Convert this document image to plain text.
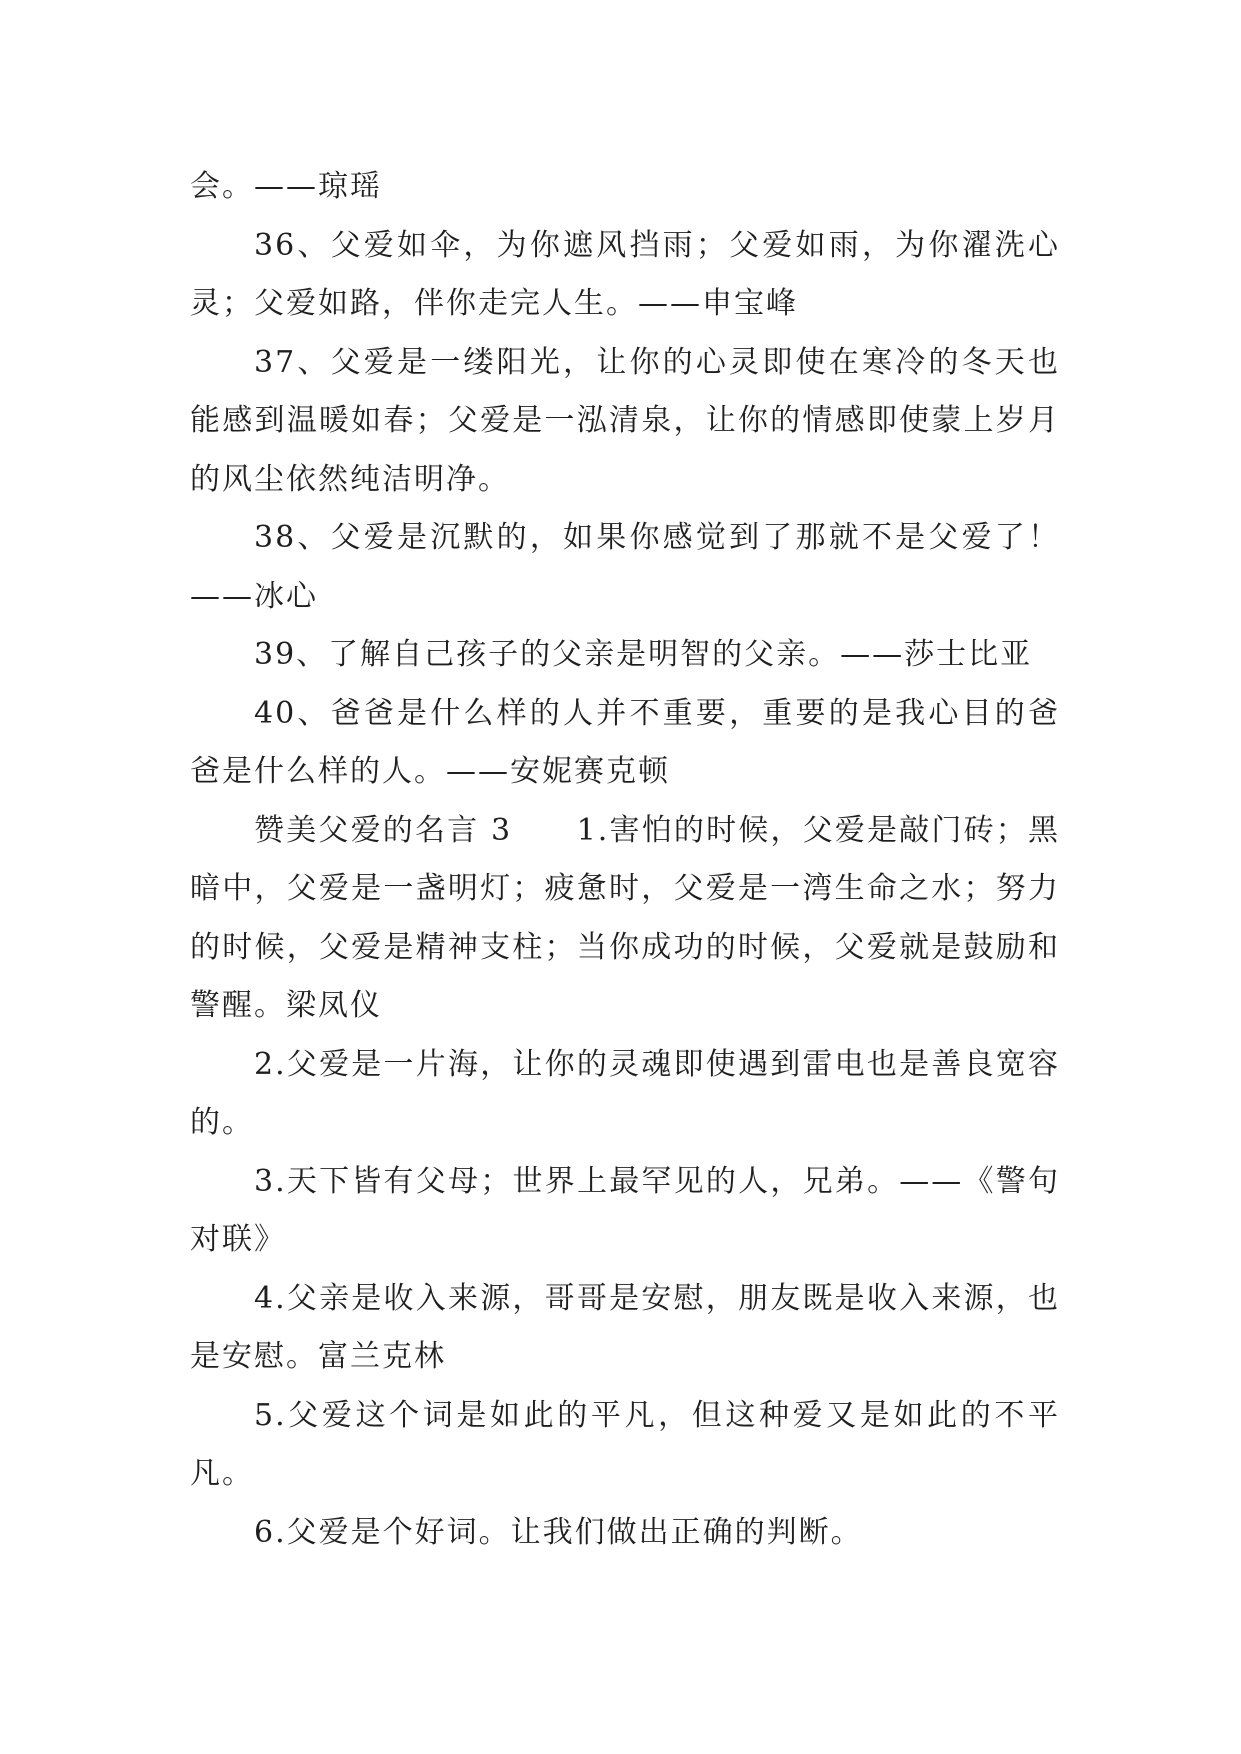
会。——琼瑶

36、父爱如伞，为你遮风挡雨；父爱如雨，为你濯洗心灵；父爱如路，伴你走完人生。——申宝峰

37、父爱是一缕阳光，让你的心灵即使在寒冷的冬天也能感到温暖如春；父爱是一泓清泉，让你的情感即使蒙上岁月的风尘依然纯洁明净。

38、父爱是沉默的，如果你感觉到了那就不是父爱了！——冰心

39、了解自己孩子的父亲是明智的父亲。——莎士比亚

40、爸爸是什么样的人并不重要，重要的是我心目的爸爸是什么样的人。——安妮赛克顿

赞美父爱的名言 3　　1.害怕的时候，父爱是敲门砖；黑暗中，父爱是一盏明灯；疲惫时，父爱是一湾生命之水；努力的时候，父爱是精神支柱；当你成功的时候，父爱就是鼓励和警醒。梁凤仪

2.父爱是一片海，让你的灵魂即使遇到雷电也是善良宽容的。

3.天下皆有父母；世界上最罕见的人，兄弟。——《警句对联》

4.父亲是收入来源，哥哥是安慰，朋友既是收入来源，也是安慰。富兰克林

5.父爱这个词是如此的平凡，但这种爱又是如此的不平凡。

6.父爱是个好词。让我们做出正确的判断。
